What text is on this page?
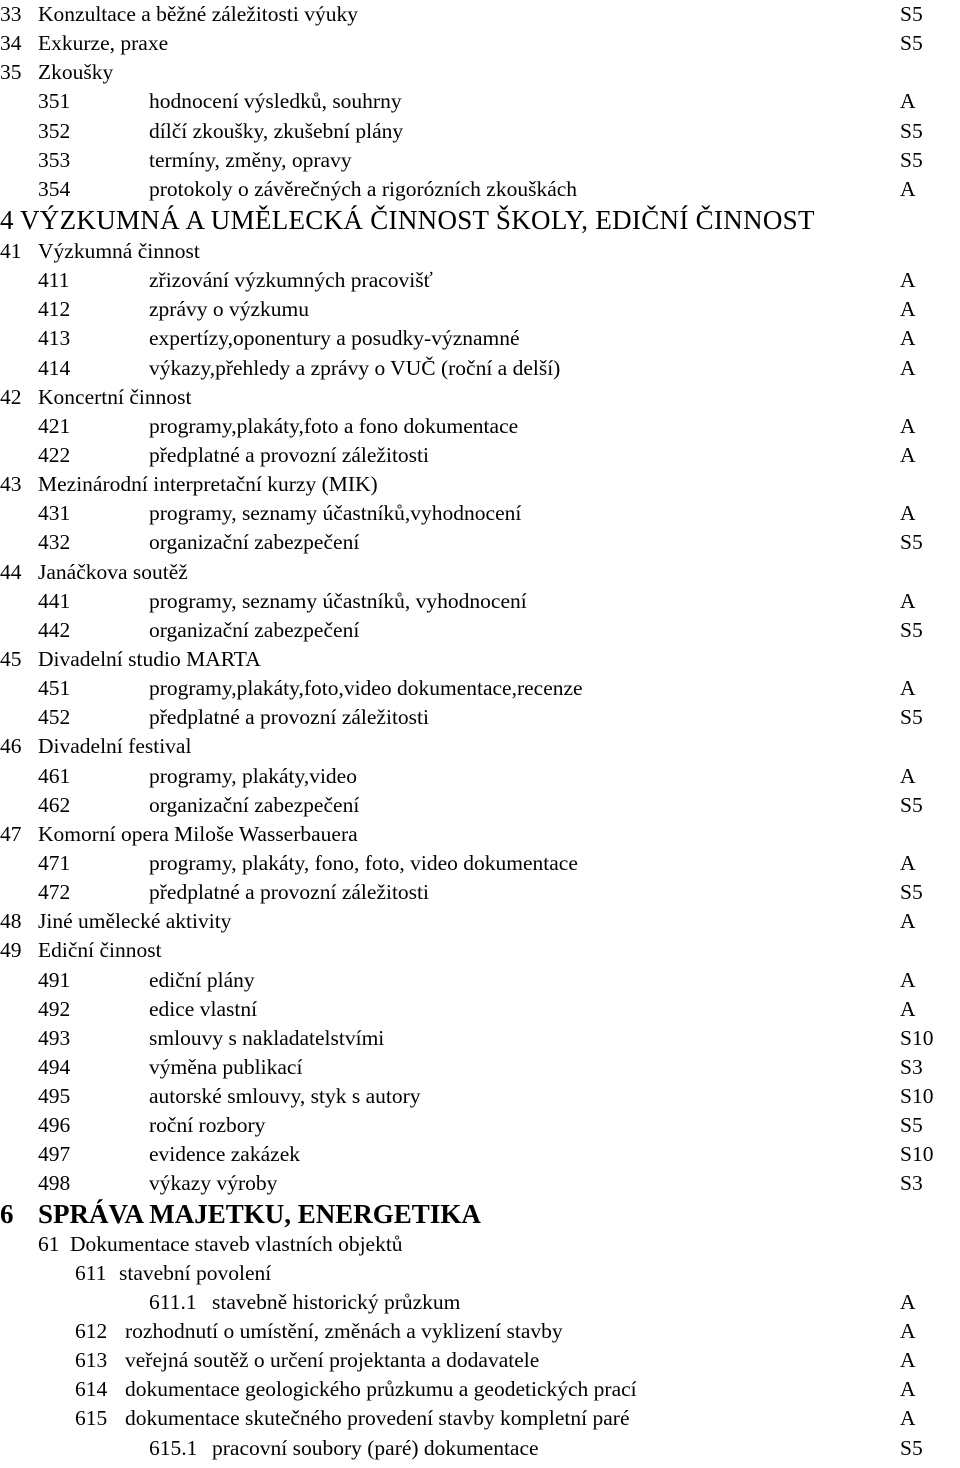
33 Konzultace a běžné záležitosti výuky	S5
34 Exkurze, praxe	S5
35 Zkoušky
351	hodnocení výsledků, souhrny	A
352	dílčí zkoušky, zkušební plány	S5
353	termíny, změny, opravy	S5
354	protokoly o závěrečných a rigorózních zkouškách	A
4 VÝZKUMNÁ A UMĚLECKÁ ČINNOST ŠKOLY, EDIČNÍ ČINNOST
41 Výzkumná činnost
411	zřizování výzkumných pracovišť	A
412	zprávy o výzkumu	A
413	expertízy,oponentury a posudky-významné	A
414	výkazy,přehledy a zprávy o VUČ (roční a delší)	A
42 Koncertní činnost
421	programy,plakáty,foto a fono dokumentace	A
422	předplatné a provozní záležitosti	A
43 Mezinárodní interpretační kurzy (MIK)
431	programy, seznamy účastníků,vyhodnocení	A
432	organizační zabezpečení	S5
44 Janáčkova soutěž
441	programy, seznamy účastníků, vyhodnocení	A
442	organizační zabezpečení	S5
45 Divadelní studio MARTA
451	programy,plakáty,foto,video dokumentace,recenze	A
452	předplatné a provozní záležitosti	S5
46 Divadelní festival
461	programy, plakáty,video	A
462	organizační zabezpečení	S5
47 Komorní opera Miloše Wasserbauera
471	programy, plakáty, fono, foto, video dokumentace	A
472	předplatné a provozní záležitosti	S5
48 Jiné umělecké aktivity	A
49 Ediční činnost
491	ediční plány	A
492	edice vlastní	A
493	smlouvy s nakladatelstvími	S10
494	výměna publikací	S3
495	autorské smlouvy, styk s autory	S10
496	roční rozbory	S5
497	evidence zakázek	S10
498	výkazy výroby	S3
6 SPRÁVA MAJETKU, ENERGETIKA
61 Dokumentace staveb vlastních objektů
611 stavební povolení
611.1 stavebně historický průzkum	A
612 rozhodnutí o umístění, změnách a vyklizení stavby	A
613 veřejná soutěž o určení projektanta a dodavatele	A
614 dokumentace geologického průzkumu a geodetických prací	A
615 dokumentace skutečného provedení stavby kompletní paré	A
615.1 pracovní soubory (paré) dokumentace	S5
